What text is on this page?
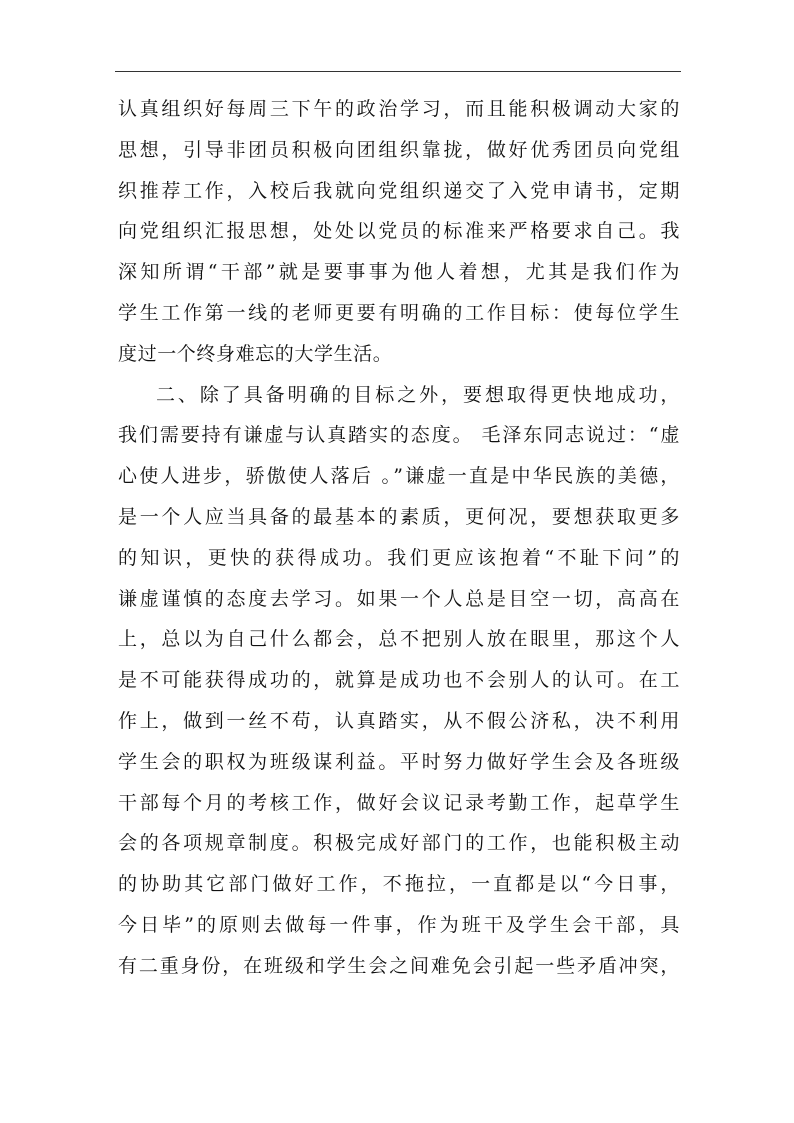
认真组织好每周三下午的政治学习，而且能积极调动大家的
思想，引导非团员积极向团组织靠拢，做好优秀团员向党组
织推荐工作，入校后我就向党组织递交了入党申请书，定期
向党组织汇报思想，处处以党员的标准来严格要求自己。我
深知所谓“干部”就是要事事为他人着想，尤其是我们作为
学生工作第一线的老师更要有明确的工作目标：使每位学生
度过一个终身难忘的大学生活。
二、除了具备明确的目标之外，要想取得更快地成功，
我们需要持有谦虚与认真踏实的态度。 毛泽东同志说过：“虚
心使人进步，骄傲使人落后 。”谦虚一直是中华民族的美德，
是一个人应当具备的最基本的素质，更何况，要想获取更多
的知识，更快的获得成功。我们更应该抱着“不耻下问”的
谦虚谨慎的态度去学习。如果一个人总是目空一切，高高在
上，总以为自己什么都会，总不把别人放在眼里，那这个人
是不可能获得成功的，就算是成功也不会别人的认可。在工
作上，做到一丝不苟，认真踏实，从不假公济私，决不利用
学生会的职权为班级谋利益。平时努力做好学生会及各班级
干部每个月的考核工作，做好会议记录考勤工作，起草学生
会的各项规章制度。积极完成好部门的工作，也能积极主动
的协助其它部门做好工作，不拖拉，一直都是以“今日事，
今日毕”的原则去做每一件事，作为班干及学生会干部，具
有二重身份，在班级和学生会之间难免会引起一些矛盾冲突，
